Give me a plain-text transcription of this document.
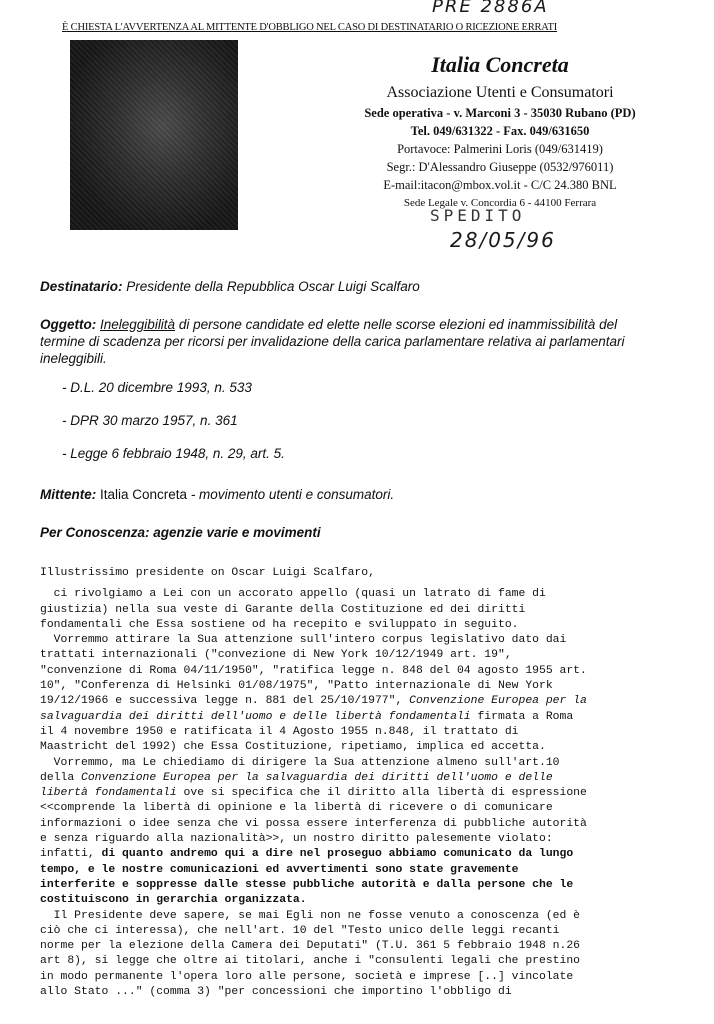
PRE 2886A
È CHIESTA L'AVVERTENZA AL MITTENTE D'OBBLIGO NEL CASO DI DESTINATARIO O RICEZIONE ERRATI
Italia Concreta
Associazione Utenti e Consumatori
Sede operativa - v. Marconi 3 - 35030 Rubano (PD)
Tel. 049/631322 - Fax. 049/631650
Portavoce: Palmerini Loris (049/631419)
Segr.: D'Alessandro Giuseppe (0532/976011)
E-mail:itacon@mbox.vol.it - C/C 24.380 BNL
Sede Legale v. Concordia 6 - 44100 Ferrara
SPEDITO
28/05/96
Destinatario: Presidente della Repubblica Oscar Luigi Scalfaro
Oggetto: Ineleggibilità di persone candidate ed elette nelle scorse elezioni ed inammissibilità del
termine di scadenza per ricorsi per invalidazione della carica parlamentare relativa ai parlamentari
ineleggibili.
- D.L. 20 dicembre 1993, n. 533
- DPR 30 marzo 1957, n. 361
- Legge 6 febbraio 1948, n. 29, art. 5.
Mittente: Italia Concreta - movimento utenti e consumatori.
Per Conoscenza: agenzie varie e movimenti
Illustrissimo presidente on Oscar Luigi Scalfaro,
ci rivolgiamo a Lei con un accorato appello (quasi un latrato di fame di
giustizia) nella sua veste di Garante della Costituzione ed dei diritti
fondamentali che Essa sostiene od ha recepito e sviluppato in seguito.
Vorremmo attirare la Sua attenzione sull'intero corpus legislativo dato dai
trattati internazionali ("convezione di New York 10/12/1949 art. 19",
"convenzione di Roma 04/11/1950", "ratifica legge n. 848 del 04 agosto 1955 art.
10", "Conferenza di Helsinki 01/08/1975", "Patto internazionale di New York
19/12/1966 e successiva legge n. 881 del 25/10/1977", Convenzione Europea per la
salvaguardia dei diritti dell'uomo e delle libertà fondamentali firmata a Roma
il 4 novembre 1950 e ratificata il 4 Agosto 1955 n.848, il trattato di
Maastricht del 1992) che Essa Costituzione, ripetiamo, implica ed accetta.
Vorremmo, ma Le chiediamo di dirigere la Sua attenzione almeno sull'art.10
della Convenzione Europea per la salvaguardia dei diritti dell'uomo e delle
libertà fondamentali ove si specifica che il diritto alla libertà di espressione
<<comprende la libertà di opinione e la libertà di ricevere o di comunicare
informazioni o idee senza che vi possa essere interferenza di pubbliche autorità
e senza riguardo alla nazionalità>>, un nostro diritto palesemente violato:
infatti, di quanto andremo qui a dire nel proseguo abbiamo comunicato da lungo
tempo, e le nostre comunicazioni ed avvertimenti sono state gravemente
interferite e soppresse dalle stesse pubbliche autorità e dalla persone che le
costituiscono in gerarchia organizzata.
Il Presidente deve sapere, se mai Egli non ne fosse venuto a conoscenza (ed è
ciò che ci interessa), che nell'art. 10 del "Testo unico delle leggi recanti
norme per la elezione della Camera dei Deputati" (T.U. 361 5 febbraio 1948 n.26
art 8), si legge che oltre ai titolari, anche i "consulenti legali che prestino
in modo permanente l'opera loro alle persone, società e imprese [..] vincolate
allo Stato ..." (comma 3) "per concessioni che importino l'obbligo di
